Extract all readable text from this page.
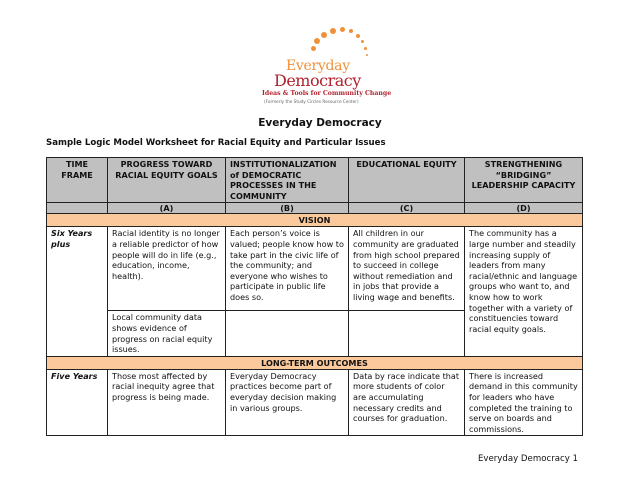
Everyday
Democracy
Ideas & Tools for Community Change
(Formerly the Study Circles Resource Center)
Everyday Democracy
Sample Logic Model Worksheet for Racial Equity and Particular Issues
TIME FRAME	PROGRESS TOWARD RACIAL EQUITY GOALS	INSTITUTIONALIZATION of DEMOCRATIC PROCESSES IN THE COMMUNITY	EDUCATIONAL EQUITY	STRENGTHENING “BRIDGING” LEADERSHIP CAPACITY
	(A)	(B)	(C)	(D)
VISION				
Six Years plus	Racial identity is no longer a reliable predictor of how people will do in life (e.g., education, income, health).	Each person’s voice is valued; people know how to take part in the civic life of the community; and everyone who wishes to participate in public life does so.	All children in our community are graduated from high school prepared to succeed in college without remediation and in jobs that provide a living wage and benefits.	The community has a large number and steadily increasing supply of leaders from many racial/ethnic and language groups who want to, and know how to work together with a variety of constituencies toward racial equity goals.
	Local community data shows evidence of progress on racial equity issues.			
LONG-TERM OUTCOMES				
Five Years	Those most affected by racial inequity agree that progress is being made.	Everyday Democracy practices become part of everyday decision making in various groups.	Data by race indicate that more students of color are accumulating necessary credits and courses for graduation.	There is increased demand in this community for leaders who have completed the training to serve on boards and commissions.
Everyday Democracy 1
